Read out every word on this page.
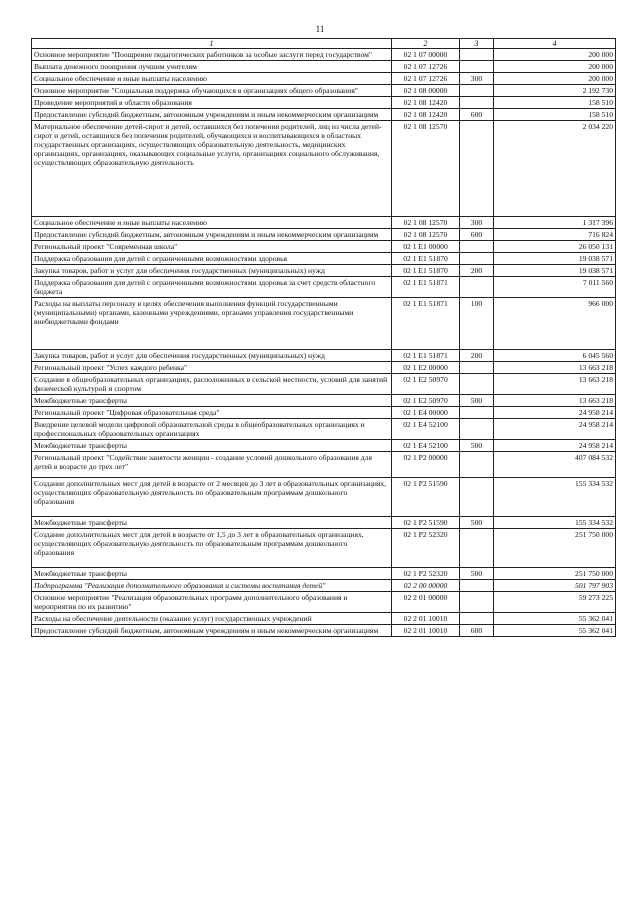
11
1	2	3	4
Основное мероприятие "Поощрение педагогических работников за особые заслуги перед государством"	02 1 07 00000		200 000
Выплата денежного поощрения лучшим учителям	02 1 07 12726		200 000
Социальное обеспечение и иные выплаты населению	02 1 07 12726	300	200 000
Основное мероприятие "Социальная поддержка обучающихся в организациях общего образования"	02 1 08 00000		2 192 730
Проведение мероприятий в области образования	02 1 08 12420		158 510
Предоставление субсидий бюджетным, автономным учреждениям и иным некоммерческим организациям	02 1 08 12420	600	158 510
Материальное обеспечение детей-сирот и детей, оставшихся без попечения родителей, лиц из числа детей-сирот и детей, оставшихся без попечения родителей, обучающихся и воспитывающихся в областных государственных организациях, осуществляющих образовательную деятельность, медицинских организациях, организациях, оказывающих социальные услуги, организациях социального обслуживания, осуществляющих образовательную деятельность	02 1 08 12570		2 034 220
Социальное обеспечение и иные выплаты населению	02 1 08 12570	300	1 317 396
Предоставление субсидий бюджетным, автономным учреждениям и иным некоммерческим организациям	02 1 08 12570	600	716 824
Региональный проект "Современная школа"	02 1 E1 00000		26 050 131
Поддержка образования для детей с ограниченными возможностями здоровья	02 1 E1 51870		19 038 571
Закупка товаров, работ и услуг для обеспечения государственных (муниципальных) нужд	02 1 E1 51870	200	19 038 571
Поддержка образования для детей с ограниченными возможностями здоровья за счет средств областного бюджета	02 1 E1 51871		7 011 560
Расходы на выплаты персоналу в целях обеспечения выполнения функций государственными (муниципальными) органами, казенными учреждениями, органами управления государственными внебюджетными фондами	02 1 E1 51871	100	966 000
Закупка товаров, работ и услуг для обеспечения государственных (муниципальных) нужд	02 1 E1 51871	200	6 045 560
Региональный проект "Успех каждого ребенка"	02 1 E2 00000		13 663 218
Создание в общеобразовательных организациях, расположенных в сельской местности, условий для занятий физической культурой и спортом	02 1 E2 50970		13 663 218
Межбюджетные трансферты	02 1 E2 50970	500	13 663 218
Региональный проект "Цифровая образовательная среда"	02 1 E4 00000		24 958 214
Внедрение целевой модели цифровой образовательной среды в общеобразовательных организациях и профессиональных образовательных организациях	02 1 E4 52100		24 958 214
Межбюджетные трансферты	02 1 E4 52100	500	24 958 214
Региональный проект "Содействие занятости женщин - создание условий дошкольного образования для детей в возрасте до трех лет"	02 1 P2 00000		407 084 532
Создание дополнительных мест для детей в возрасте от 2 месяцев до 3 лет в образовательных организациях, осуществляющих образовательную деятельность по образовательным программам дошкольного образования	02 1 P2 51590		155 334 532
Межбюджетные трансферты	02 1 P2 51590	500	155 334 532
Создание дополнительных мест для детей в возрасте от 1,5 до 3 лет в образовательных организациях, осуществляющих образовательную деятельность по образовательным программам дошкольного образования	02 1 P2 52320		251 750 000
Межбюджетные трансферты	02 1 P2 52320	500	251 750 000
Подпрограмма "Реализация дополнительного образования и системы воспитания детей"	02 2 00 00000		501 797 903
Основное мероприятие "Реализация образовательных программ дополнительного образования и мероприятия по их развитию"	02 2 01 00000		59 273 225
Расходы на обеспечение деятельности (оказание услуг) государственных учреждений	02 2 01 10010		55 362 041
Предоставление субсидий бюджетным, автономным учреждениям и иным некоммерческим организациям	02 2 01 10010	600	55 362 041
